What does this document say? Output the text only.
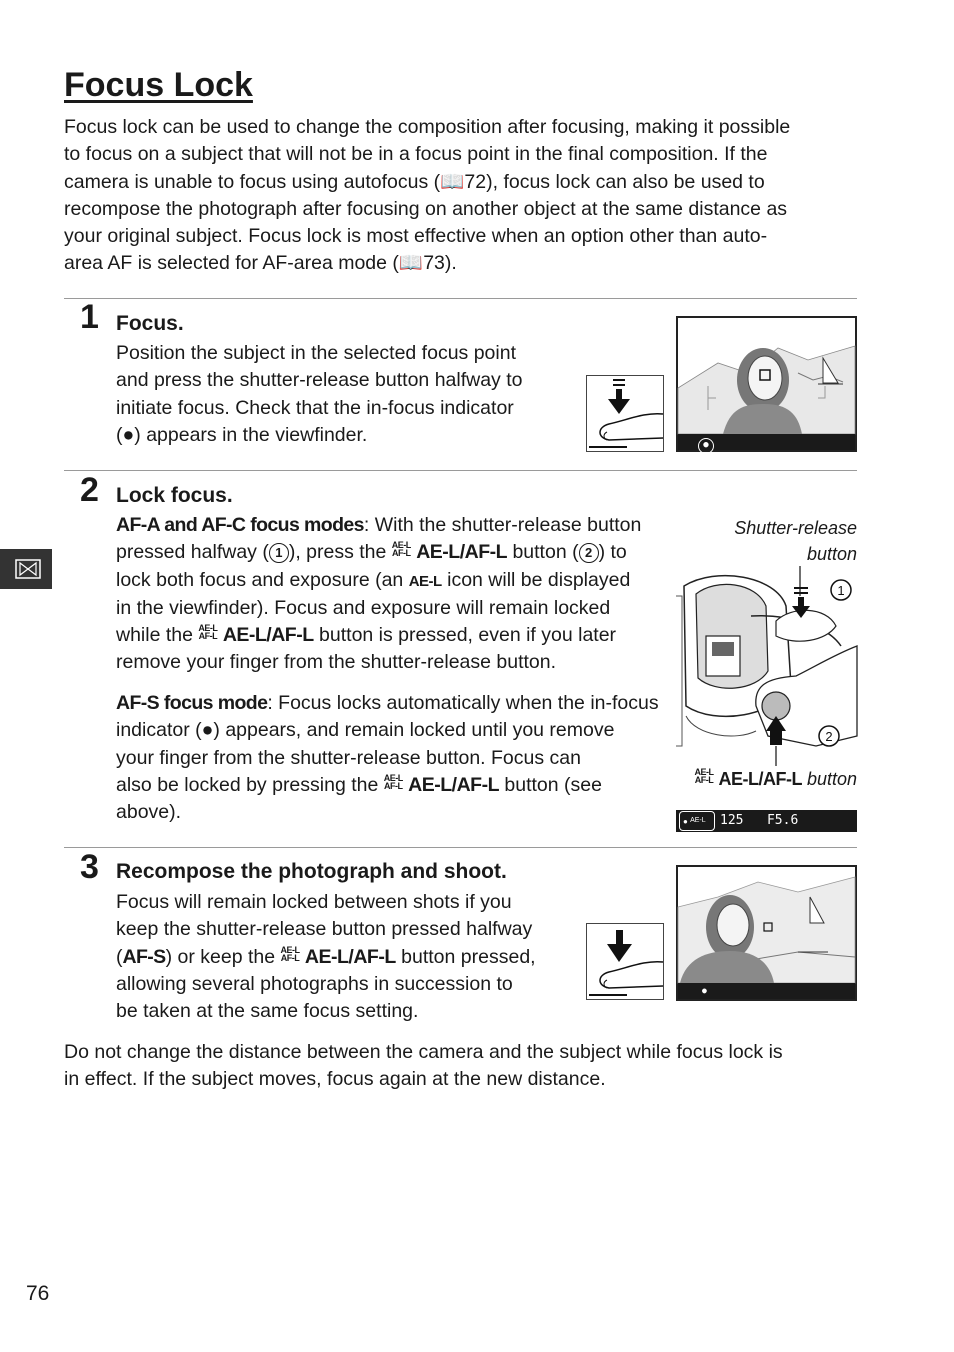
Focus Lock
Focus lock can be used to change the composition after focusing, making it possible
to focus on a subject that will not be in a focus point in the final composition. If the
camera is unable to focus using autofocus (📖72), focus lock can also be used to
recompose the photograph after focusing on another object at the same distance as
your original subject. Focus lock is most effective when an option other than auto-
area AF is selected for AF-area mode (📖73).
1 Focus.
Position the subject in the selected focus point
and press the shutter-release button halfway to
initiate focus. Check that the in-focus indicator
(●) appears in the viewfinder.	● 125   F5.6            [ r 17]
2 Lock focus.
AF-A and AF-C focus modes: With the shutter-release button
pressed halfway ( 1 ), press the AE-L
AF-L AE-L/AF-L button ( 2 ) to
lock both focus and exposure (an AE-L icon will be displayed
in the viewfinder). Focus and exposure will remain locked
while the AE-L
AF-L AE-L/AF-L button is pressed, even if you later
remove your finger from the shutter-release button.
AF-S focus mode: Focus locks automatically when the in-focus
indicator (●) appears, and remain locked until you remove
your finger from the shutter-release button. Focus can
also be locked by pressing the AE-L
AF-L AE-L/AF-L button (see
above).
Shutter-release
button
1
2
AE-L
AF-L AE-L/AF-L button
● AE-L	125   F5.6
3 Recompose the photograph and shoot.
Focus will remain locked between shots if you
keep the shutter-release button pressed halfway
(AF-S) or keep the AE-L
AF-L AE-L/AF-L button pressed,
allowing several photographs in succession to
be taken at the same focus setting.
● 125   F5.6            [ r 17]
Do not change the distance between the camera and the subject while focus lock is
in effect. If the subject moves, focus again at the new distance.
76
